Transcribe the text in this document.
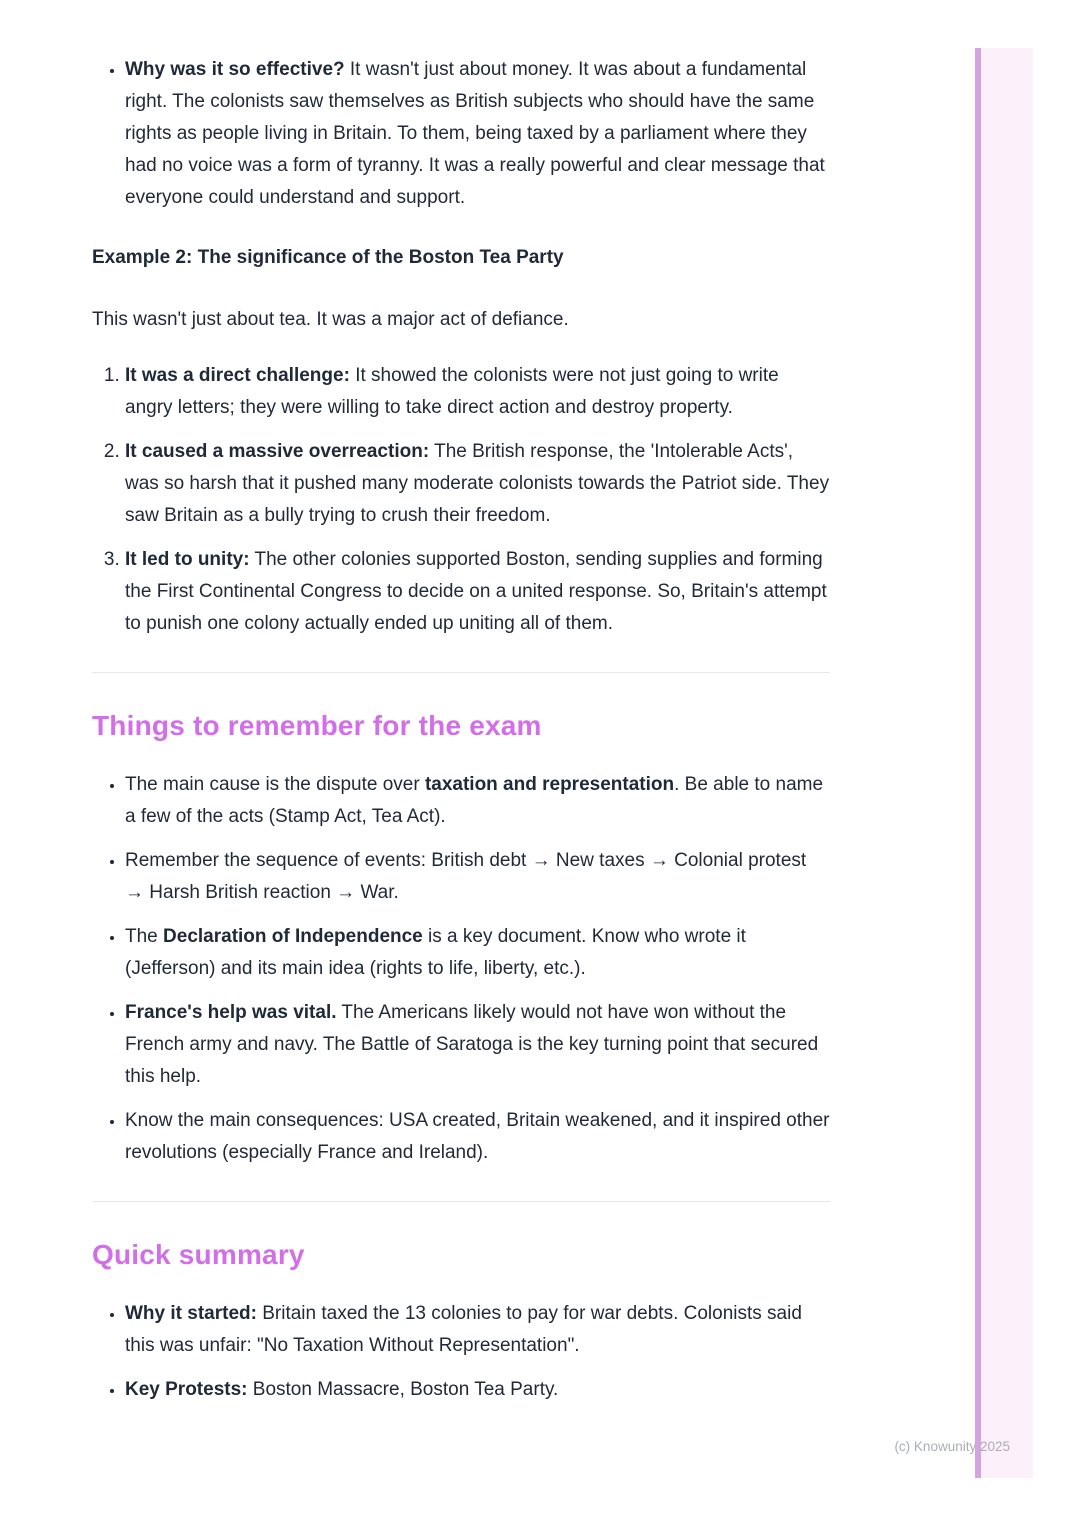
• Why was it so effective? It wasn't just about money. It was about a fundamental right. The colonists saw themselves as British subjects who should have the same rights as people living in Britain. To them, being taxed by a parliament where they had no voice was a form of tyranny. It was a really powerful and clear message that everyone could understand and support.
Example 2: The significance of the Boston Tea Party

This wasn't just about tea. It was a major act of defiance.

1. It was a direct challenge: It showed the colonists were not just going to write angry letters; they were willing to take direct action and destroy property.
2. It caused a massive overreaction: The British response, the 'Intolerable Acts', was so harsh that it pushed many moderate colonists towards the Patriot side. They saw Britain as a bully trying to crush their freedom.
3. It led to unity: The other colonies supported Boston, sending supplies and forming the First Continental Congress to decide on a united response. So, Britain's attempt to punish one colony actually ended up uniting all of them.
Things to remember for the exam
• The main cause is the dispute over taxation and representation. Be able to name a few of the acts (Stamp Act, Tea Act).
• Remember the sequence of events: British debt → New taxes → Colonial protest → Harsh British reaction → War.
• The Declaration of Independence is a key document. Know who wrote it (Jefferson) and its main idea (rights to life, liberty, etc.).
• France's help was vital. The Americans likely would not have won without the French army and navy. The Battle of Saratoga is the key turning point that secured this help.
• Know the main consequences: USA created, Britain weakened, and it inspired other revolutions (especially France and Ireland).
Quick summary
• Why it started: Britain taxed the 13 colonies to pay for war debts. Colonists said this was unfair: "No Taxation Without Representation".
• Key Protests: Boston Massacre, Boston Tea Party.
(c) Knowunity 2025
